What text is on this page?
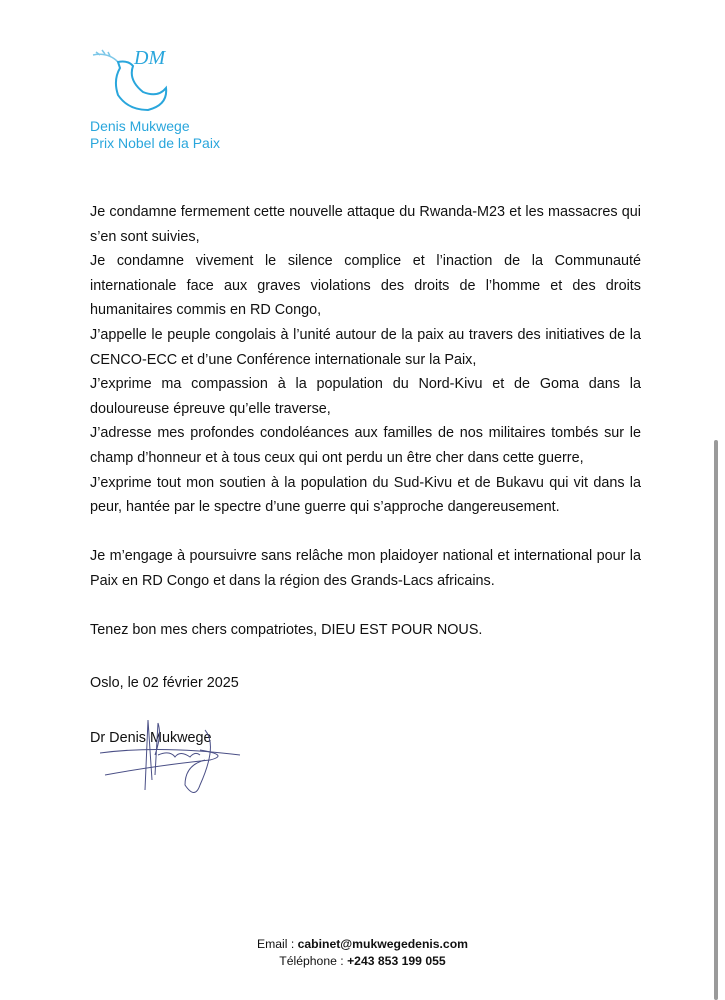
DM
Denis Mukwege
Prix Nobel de la Paix

Je condamne fermement cette nouvelle attaque du Rwanda-M23 et les massacres qui s’en sont suivies,

Je condamne vivement le silence complice et l’inaction de la Communauté internationale face aux graves violations des droits de l’homme et des droits humanitaires commis en RD Congo,

J’appelle le peuple congolais à l’unité autour de la paix au travers des initiatives de la CENCO-ECC et d’une Conférence internationale sur la Paix,

J’exprime ma compassion à la population du Nord-Kivu et de Goma dans la douloureuse épreuve qu’elle traverse,

J’adresse mes profondes condoléances aux familles de nos militaires tombés sur le champ d’honneur et à tous ceux qui ont perdu un être cher dans cette guerre,

J’exprime tout mon soutien à la population du Sud-Kivu et de Bukavu qui vit dans la peur, hantée par le spectre d’une guerre qui s’approche dangereusement.

Je m’engage à poursuivre sans relâche mon plaidoyer national et international pour la Paix en RD Congo et dans la région des Grands-Lacs africains.

Tenez bon mes chers compatriotes, DIEU EST POUR NOUS.

Oslo, le 02 février 2025

Dr Denis Mukwege
Email : cabinet@mukwegedenis.com
Téléphone : +243 853 199 055
